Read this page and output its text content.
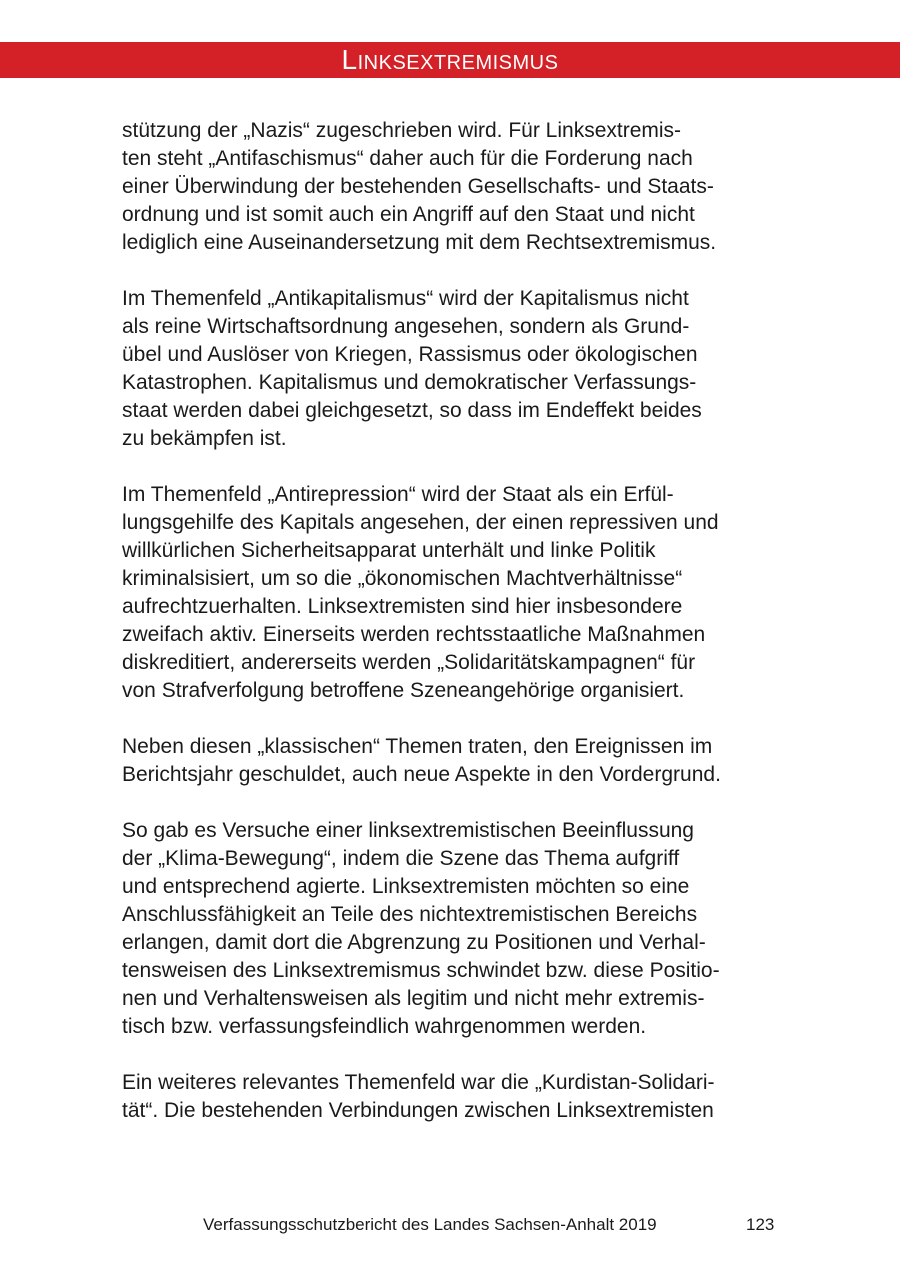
Linksextremismus
stützung der „Nazis“ zugeschrieben wird. Für Linksextremis-
ten steht „Antifaschismus“ daher auch für die Forderung nach
einer Überwindung der bestehenden Gesellschafts- und Staats-
ordnung und ist somit auch ein Angriff auf den Staat und nicht
lediglich eine Auseinandersetzung mit dem Rechtsextremismus.
Im Themenfeld „Antikapitalismus“ wird der Kapitalismus nicht
als reine Wirtschaftsordnung angesehen, sondern als Grund-
übel und Auslöser von Kriegen, Rassismus oder ökologischen
Katastrophen. Kapitalismus und demokratischer Verfassungs-
staat werden dabei gleichgesetzt, so dass im Endeffekt beides
zu bekämpfen ist.
Im Themenfeld „Antirepression“ wird der Staat als ein Erfül-
lungsgehilfe des Kapitals angesehen, der einen repressiven und
willkürlichen Sicherheitsapparat unterhält und linke Politik
kriminalsisiert, um so die „ökonomischen Machtverhältnisse“
aufrechtzuerhalten. Linksextremisten sind hier insbesondere
zweifach aktiv. Einerseits werden rechtsstaatliche Maßnahmen
diskreditiert, andererseits werden „Solidaritätskampagnen“ für
von Strafverfolgung betroffene Szeneangehörige organisiert.
Neben diesen „klassischen“ Themen traten, den Ereignissen im
Berichtsjahr geschuldet, auch neue Aspekte in den Vordergrund.
So gab es Versuche einer linksextremistischen Beeinflussung
der „Klima-Bewegung“, indem die Szene das Thema aufgriff
und entsprechend agierte. Linksextremisten möchten so eine
Anschlussfähigkeit an Teile des nichtextremistischen Bereichs
erlangen, damit dort die Abgrenzung zu Positionen und Verhal-
tensweisen des Linksextremismus schwindet bzw. diese Positio-
nen und Verhaltensweisen als legitim und nicht mehr extremis-
tisch bzw. verfassungsfeindlich wahrgenommen werden.
Ein weiteres relevantes Themenfeld war die „Kurdistan-Solidari-
tät“. Die bestehenden Verbindungen zwischen Linksextremisten
Verfassungsschutzbericht des Landes Sachsen-Anhalt 2019	123
